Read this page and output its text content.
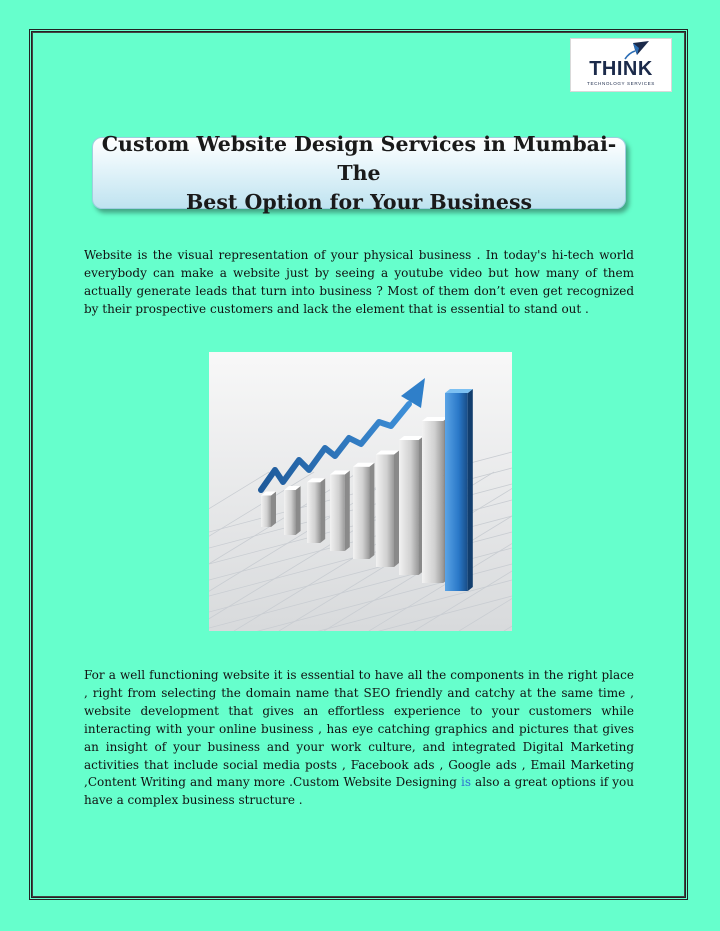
THINK
TECHNOLOGY SERVICES
Custom Website Design Services in Mumbai- The
Best Option for Your Business

Website is the visual representation of your physical business . In today's hi-tech world everybody can make a website just by seeing a youtube video but how many of them actually generate leads that turn into business ? Most of them don’t even get recognized by their prospective customers and lack the element that is essential to stand out .

For a well functioning website it is essential to have all the components in the right place , right from selecting the domain name that SEO friendly and catchy at the same time , website development that gives an effortless experience to your customers while interacting with your online business , has eye catching graphics and pictures that gives an insight of your business and your work culture, and integrated Digital Marketing activities that include social media posts , Facebook ads , Google ads , Email Marketing ,Content Writing and many more .Custom Website Designing is also a great options if you have a complex business structure .
